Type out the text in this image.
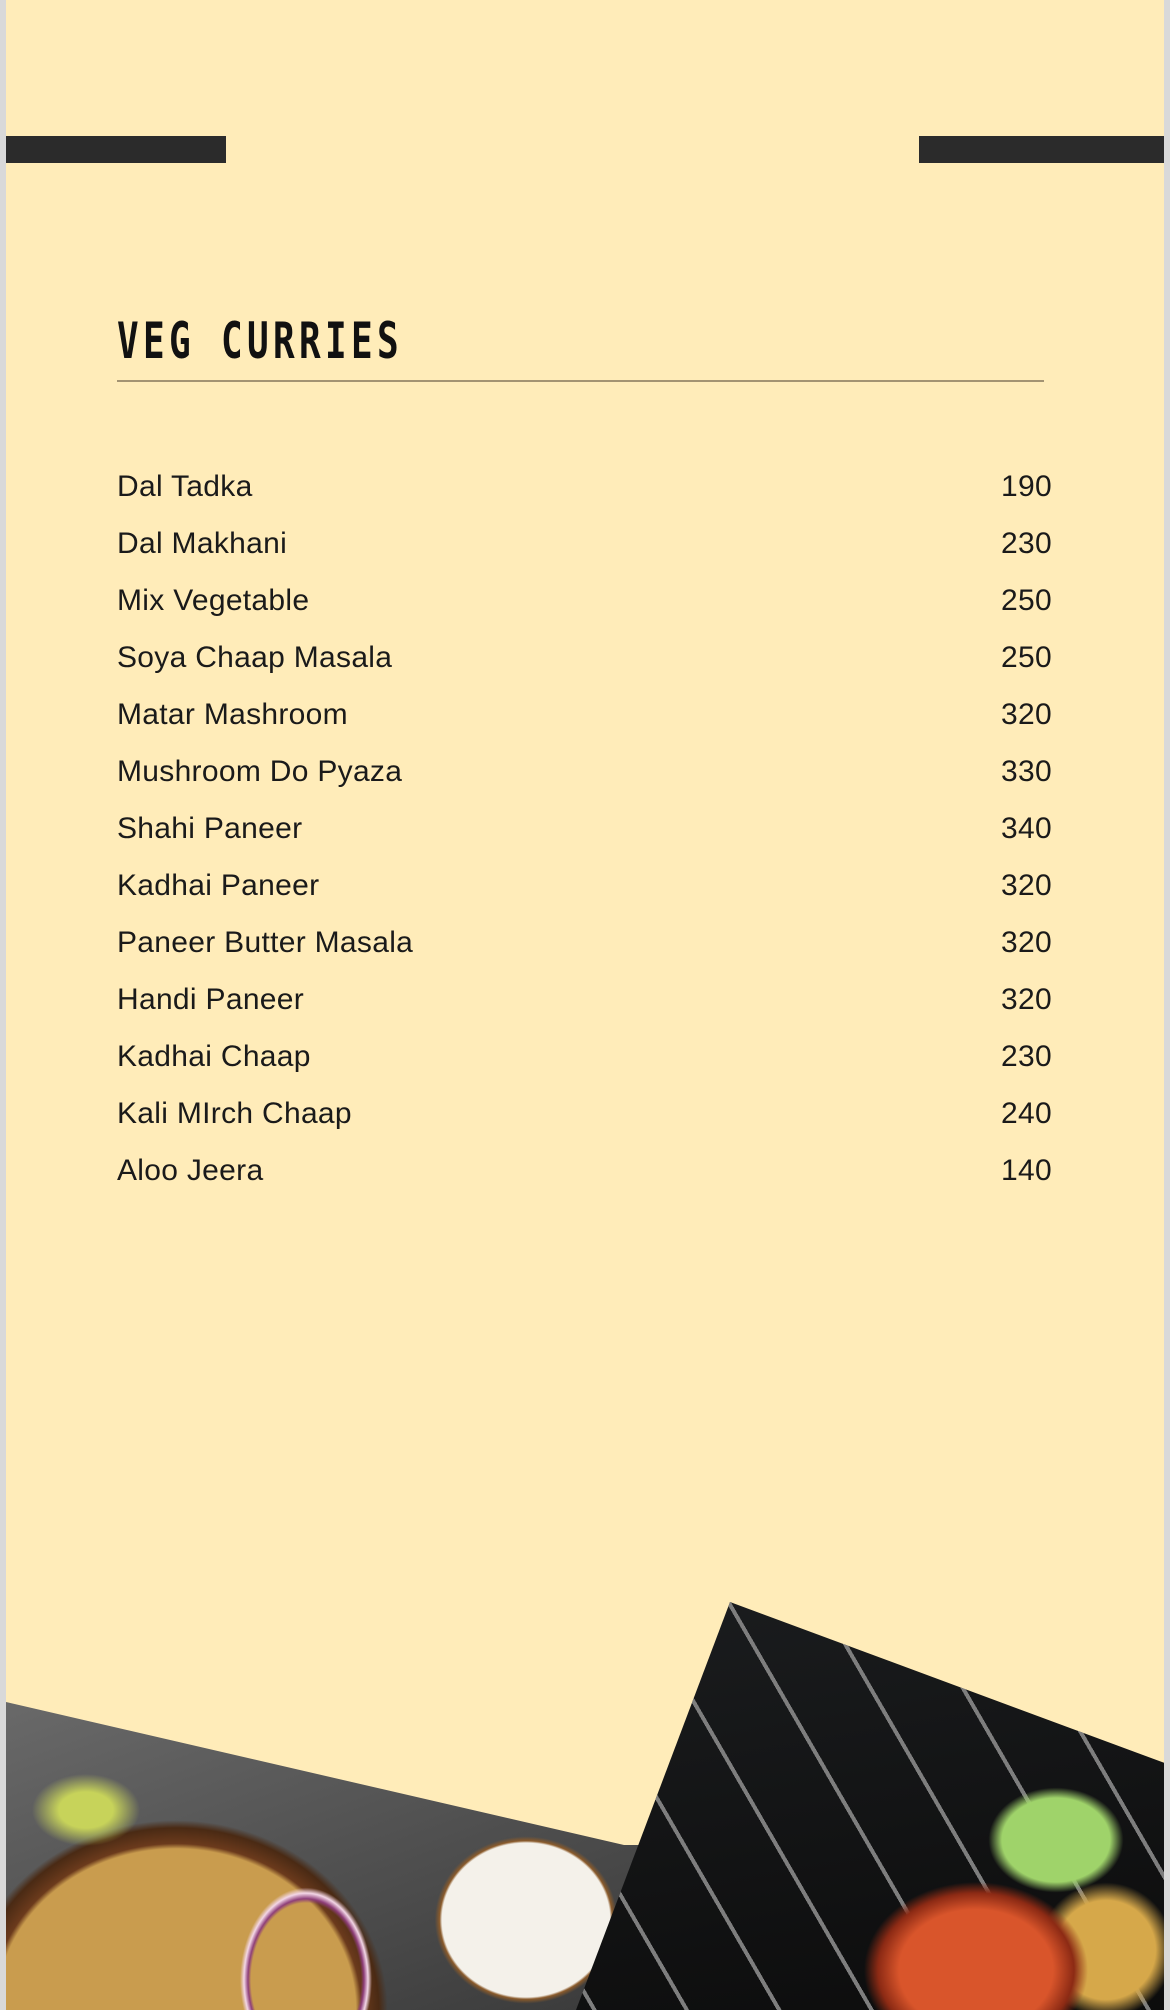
VEG CURRIES
Dal Tadka	190
Dal Makhani	230
Mix Vegetable	250
Soya Chaap Masala	250
Matar Mashroom	320
Mushroom Do Pyaza	330
Shahi Paneer	340
Kadhai Paneer	320
Paneer Butter Masala	320
Handi Paneer	320
Kadhai Chaap	230
Kali MIrch Chaap	240
Aloo Jeera	140
